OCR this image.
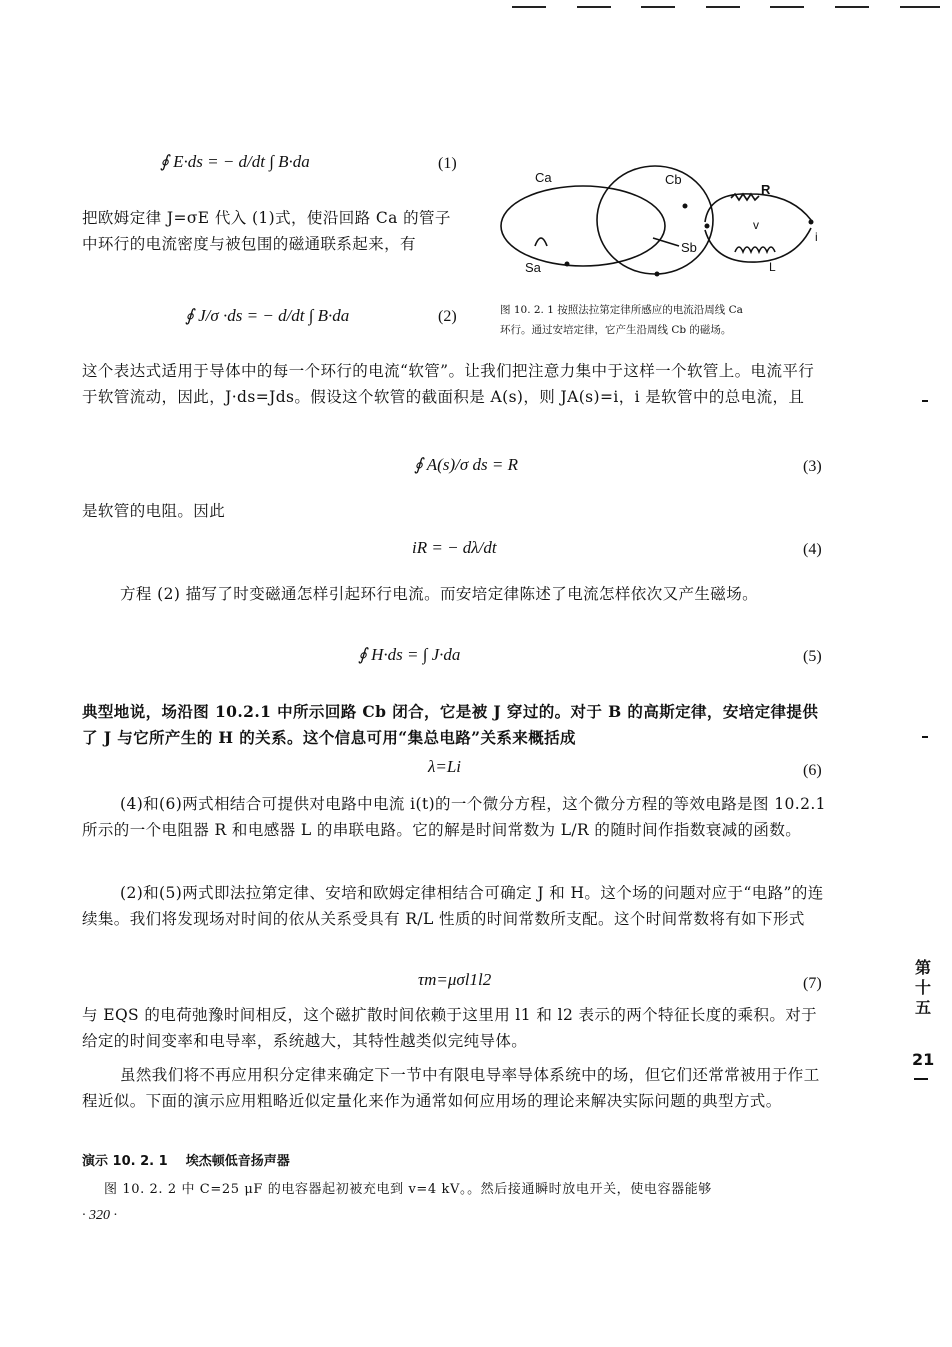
∮ E·ds = − d/dt ∫ B·da	(1)
把欧姆定律 J=σE 代入 (1)式，使沿回路 Ca 的管子中环行的电流密度与被包围的磁通联系起来，有
∮ J/σ ·ds = − d/dt ∫ B·da	(2)
Ca	Cb
Sa
Sb
R
v
i
L
图 10. 2. 1 按照法拉第定律所感应的电流沿周线 Ca
环行。通过安培定律，它产生沿周线 Cb 的磁场。
这个表达式适用于导体中的每一个环行的电流“软管”。让我们把注意力集中于这样一个软管上。电流平行于软管流动，因此，J·ds=Jds。假设这个软管的截面积是 A(s)，则 JA(s)=i，i 是软管中的总电流，且
∮ A(s)/σ ds = R	(3)
是软管的电阻。因此
iR = − dλ/dt	(4)
方程 (2) 描写了时变磁通怎样引起环行电流。而安培定律陈述了电流怎样依次又产生磁场。
∮ H·ds = ∫ J·da	(5)
典型地说，场沿图 10.2.1 中所示回路 Cb 闭合，它是被 J 穿过的。对于 B 的高斯定律，安培定律提供了 J 与它所产生的 H 的关系。这个信息可用“集总电路”关系来概括成
λ=Li	(6)
(4)和(6)两式相结合可提供对电路中电流 i(t)的一个微分方程，这个微分方程的等效电路是图 10.2.1 所示的一个电阻器 R 和电感器 L 的串联电路。它的解是时间常数为 L/R 的随时间作指数衰减的函数。
(2)和(5)两式即法拉第定律、安培和欧姆定律相结合可确定 J 和 H。这个场的问题对应于“电路”的连续集。我们将发现场对时间的依从关系受具有 R/L 性质的时间常数所支配。这个时间常数将有如下形式
τm=μσl1l2	(7)
与 EQS 的电荷弛豫时间相反，这个磁扩散时间依赖于这里用 l1 和 l2 表示的两个特征长度的乘积。对于给定的时间变率和电导率，系统越大，其特性越类似完纯导体。
虽然我们将不再应用积分定律来确定下一节中有限电导率导体系统中的场，但它们还常常被用于作工程近似。下面的演示应用粗略近似定量化来作为通常如何应用场的理论来解决实际问题的典型方式。
演示 10. 2. 1    埃杰顿低音扬声器
图 10. 2. 2 中 C=25 μF 的电容器起初被充电到 v=4 kV。。然后接通瞬时放电开关，使电容器能够
· 320 ·
第十五
21
